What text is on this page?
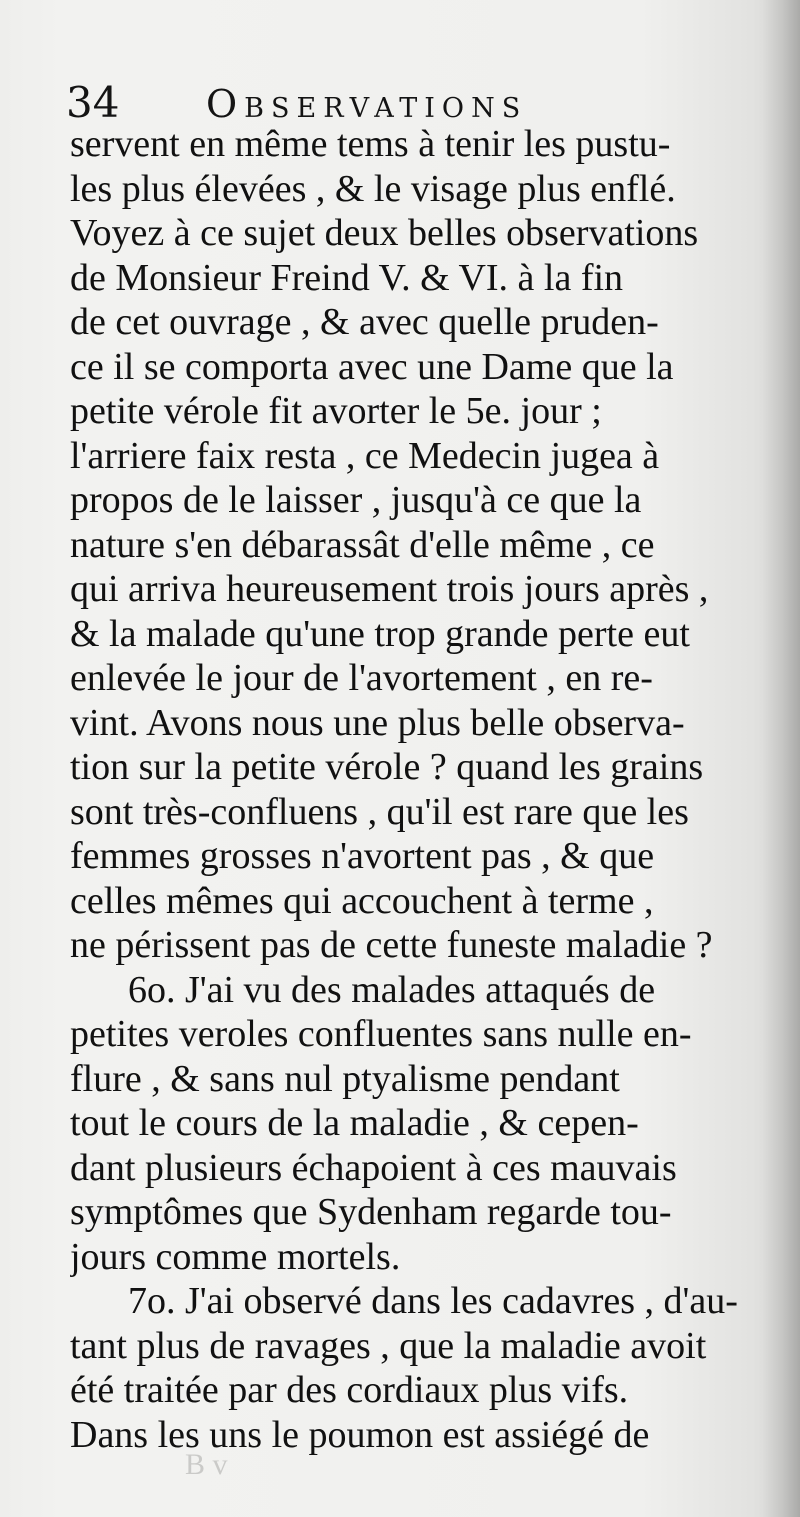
34 Observations
servent en même tems à tenir les pustu-
les plus élevées , & le visage plus enflé.
Voyez à ce sujet deux belles observations
de Monsieur Freind V. & VI. à la fin
de cet ouvrage , & avec quelle pruden-
ce il se comporta avec une Dame que la
petite vérole fit avorter le 5e. jour ;
l'arriere faix resta , ce Medecin jugea à
propos de le laisser , jusqu'à ce que la
nature s'en débarassât d'elle même , ce
qui arriva heureusement trois jours après ,
& la malade qu'une trop grande perte eut
enlevée le jour de l'avortement , en re-
vint. Avons nous une plus belle observa-
tion sur la petite vérole ? quand les grains
sont très-confluens , qu'il est rare que les
femmes grosses n'avortent pas , & que
celles mêmes qui accouchent à terme ,
ne périssent pas de cette funeste maladie ?
6o. J'ai vu des malades attaqués de
petites veroles confluentes sans nulle en-
flure , & sans nul ptyalisme pendant
tout le cours de la maladie , & cepen-
dant plusieurs échapoient à ces mauvais
symptômes que Sydenham regarde tou-
jours comme mortels.
7o. J'ai observé dans les cadavres , d'au-
tant plus de ravages , que la maladie avoit
été traitée par des cordiaux plus vifs.
Dans les uns le poumon est assiégé de
B v
